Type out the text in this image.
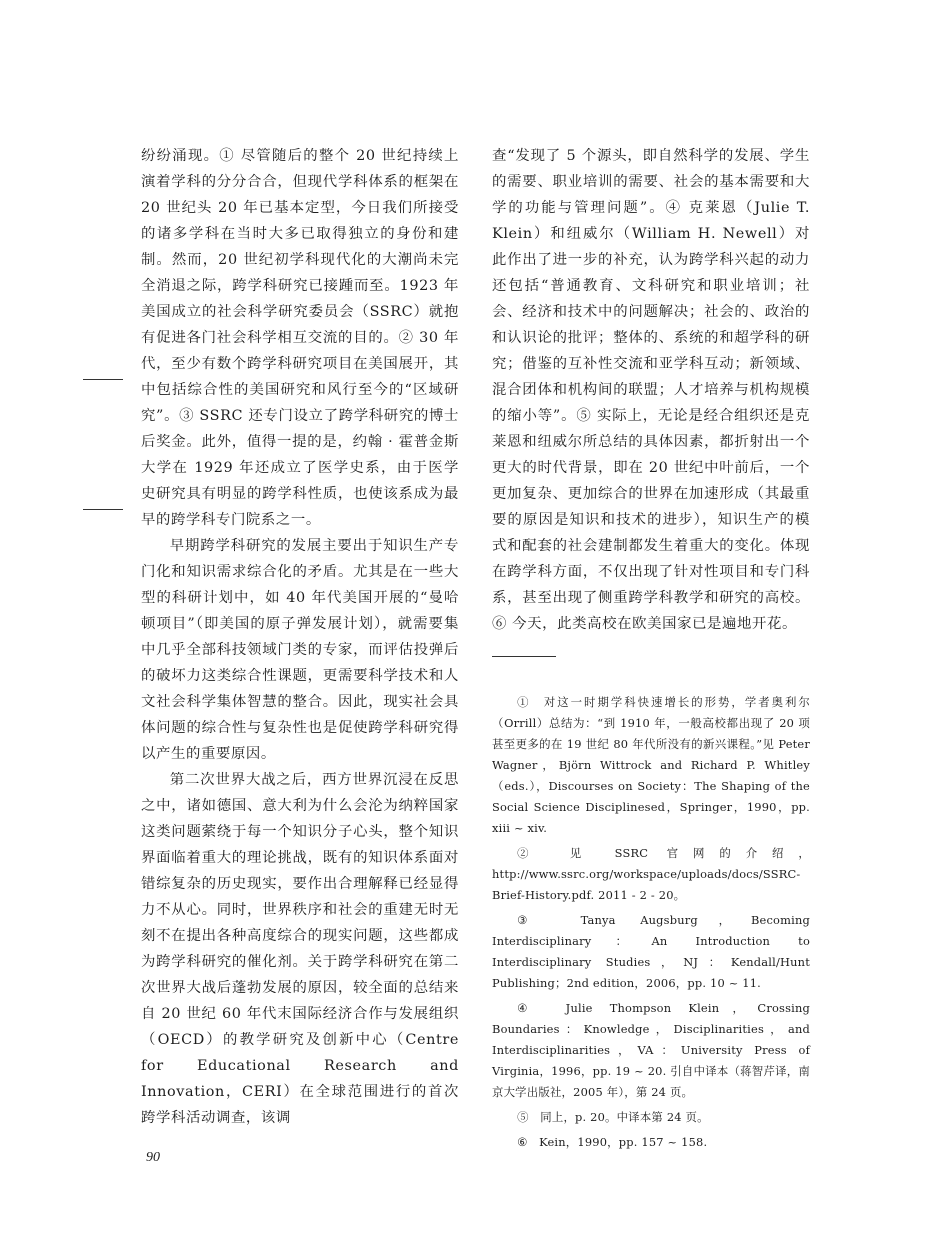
纷纷涌现。① 尽管随后的整个 20 世纪持续上演着学科的分分合合，但现代学科体系的框架在 20 世纪头 20 年已基本定型，今日我们所接受的诸多学科在当时大多已取得独立的身份和建制。然而，20 世纪初学科现代化的大潮尚未完全消退之际，跨学科研究已接踵而至。1923 年美国成立的社会科学研究委员会（SSRC）就抱有促进各门社会科学相互交流的目的。② 30 年代，至少有数个跨学科研究项目在美国展开，其中包括综合性的美国研究和风行至今的“区域研究”。③ SSRC 还专门设立了跨学科研究的博士后奖金。此外，值得一提的是，约翰 · 霍普金斯大学在 1929 年还成立了医学史系，由于医学史研究具有明显的跨学科性质，也使该系成为最早的跨学科专门院系之一。

早期跨学科研究的发展主要出于知识生产专门化和知识需求综合化的矛盾。尤其是在一些大型的科研计划中，如 40 年代美国开展的“曼哈顿项目”（即美国的原子弹发展计划），就需要集中几乎全部科技领域门类的专家，而评估投弹后的破坏力这类综合性课题，更需要科学技术和人文社会科学集体智慧的整合。因此，现实社会具体问题的综合性与复杂性也是促使跨学科研究得以产生的重要原因。

第二次世界大战之后，西方世界沉浸在反思之中，诸如德国、意大利为什么会沦为纳粹国家这类问题萦绕于每一个知识分子心头，整个知识界面临着重大的理论挑战，既有的知识体系面对错综复杂的历史现实，要作出合理解释已经显得力不从心。同时，世界秩序和社会的重建无时无刻不在提出各种高度综合的现实问题，这些都成为跨学科研究的催化剂。关于跨学科研究在第二次世界大战后蓬勃发展的原因，较全面的总结来自 20 世纪 60 年代末国际经济合作与发展组织（OECD）的教学研究及创新中心（Centre for Educational Research and Innovation，CERI）在全球范围进行的首次跨学科活动调查，该调

查“发现了 5 个源头，即自然科学的发展、学生的需要、职业培训的需要、社会的基本需要和大学的功能与管理问题”。④ 克莱恩（Julie T. Klein）和纽威尔（William H. Newell）对此作出了进一步的补充，认为跨学科兴起的动力还包括“普通教育、文科研究和职业培训；社会、经济和技术中的问题解决；社会的、政治的和认识论的批评；整体的、系统的和超学科的研究；借鉴的互补性交流和亚学科互动；新领域、混合团体和机构间的联盟；人才培养与机构规模的缩小等”。⑤ 实际上，无论是经合组织还是克莱恩和纽威尔所总结的具体因素，都折射出一个更大的时代背景，即在 20 世纪中叶前后，一个更加复杂、更加综合的世界在加速形成（其最重要的原因是知识和技术的进步），知识生产的模式和配套的社会建制都发生着重大的变化。体现在跨学科方面，不仅出现了针对性项目和专门科系，甚至出现了侧重跨学科教学和研究的高校。⑥ 今天，此类高校在欧美国家已是遍地开花。

①　对这一时期学科快速增长的形势，学者奥利尔（Orrill）总结为：“到 1910 年，一般高校都出现了 20 项甚至更多的在 19 世纪 80 年代所没有的新兴课程。”见 Peter Wagner，Björn Wittrock and Richard P. Whitley（eds.），Discourses on Society：The Shaping of the Social Science Disciplinesed，Springer，1990，pp. xiii ~ xiv.

②　见 SSRC 官网的介绍，http://www.ssrc.org/workspace/uploads/docs/SSRC-Brief-History.pdf. 2011 - 2 - 20。

③　Tanya Augsburg，Becoming Interdisciplinary：An Introduction to Interdisciplinary Studies，NJ：Kendall/Hunt Publishing；2nd edition，2006，pp. 10 ~ 11.

④　Julie Thompson Klein，Crossing Boundaries：Knowledge，Disciplinarities，and Interdisciplinarities，VA：University Press of Virginia，1996，pp. 19 ~ 20. 引自中译本（蒋智芹译，南京大学出版社，2005 年），第 24 页。

⑤　同上，p. 20。中译本第 24 页。

⑥　Kein，1990，pp. 157 ~ 158.

90
